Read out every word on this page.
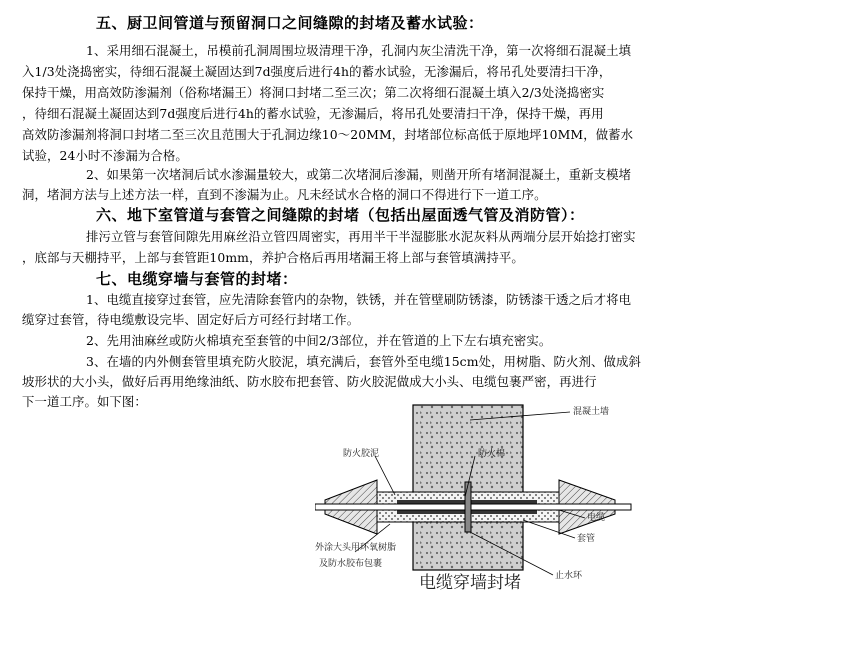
五、厨卫间管道与预留洞口之间缝隙的封堵及蓄水试验：
1、采用细石混凝土，吊模前孔洞周围垃圾清理干净，孔洞内灰尘清洗干净，第一次将细石混凝土填
入1/3处浇捣密实，待细石混凝土凝固达到7d强度后进行4h的蓄水试验，无渗漏后，将吊孔处要清扫干净，
保持干燥，用高效防渗漏剂（俗称堵漏王）将洞口封堵二至三次；第二次将细石混凝土填入2/3处浇捣密实
，待细石混凝土凝固达到7d强度后进行4h的蓄水试验，无渗漏后，将吊孔处要清扫干净，保持干燥，再用
高效防渗漏剂将洞口封堵二至三次且范围大于孔洞边缘10～20MM，封堵部位标高低于原地坪10MM，做蓄水
试验，24小时不渗漏为合格。
2、如果第一次堵洞后试水渗漏量较大，或第二次堵洞后渗漏，则凿开所有堵洞混凝土，重新支模堵
洞，堵洞方法与上述方法一样，直到不渗漏为止。凡未经试水合格的洞口不得进行下一道工序。
六、地下室管道与套管之间缝隙的封堵（包括出屋面透气管及消防管）：
排污立管与套管间隙先用麻丝沿立管四周密实，再用半干半湿膨胀水泥灰料从两端分层开始捻打密实
，底部与天棚持平，上部与套管距10mm，养护合格后再用堵漏王将上部与套管填满持平。
七、电缆穿墙与套管的封堵：
1、电缆直接穿过套管，应先清除套管内的杂物，铁锈，并在管壁刷防锈漆，防锈漆干透之后才将电
缆穿过套管，待电缆敷设完毕、固定好后方可经行封堵工作。
2、先用油麻丝或防火棉填充至套管的中间2/3部位，并在管道的上下左右填充密实。
3、在墙的内外侧套管里填充防火胶泥，填充满后，套管外至电缆15cm处，用树脂、防火剂、做成斜
坡形状的大小头，做好后再用绝缘油纸、防水胶布把套管、防火胶泥做成大小头、电缆包裹严密，再进行
下一道工序。如下图：
混凝土墙
防火胶泥	防火棉
电缆
套管
止水环
外涂大头用环氧树脂
及防水胶布包裹
电缆穿墙封堵
